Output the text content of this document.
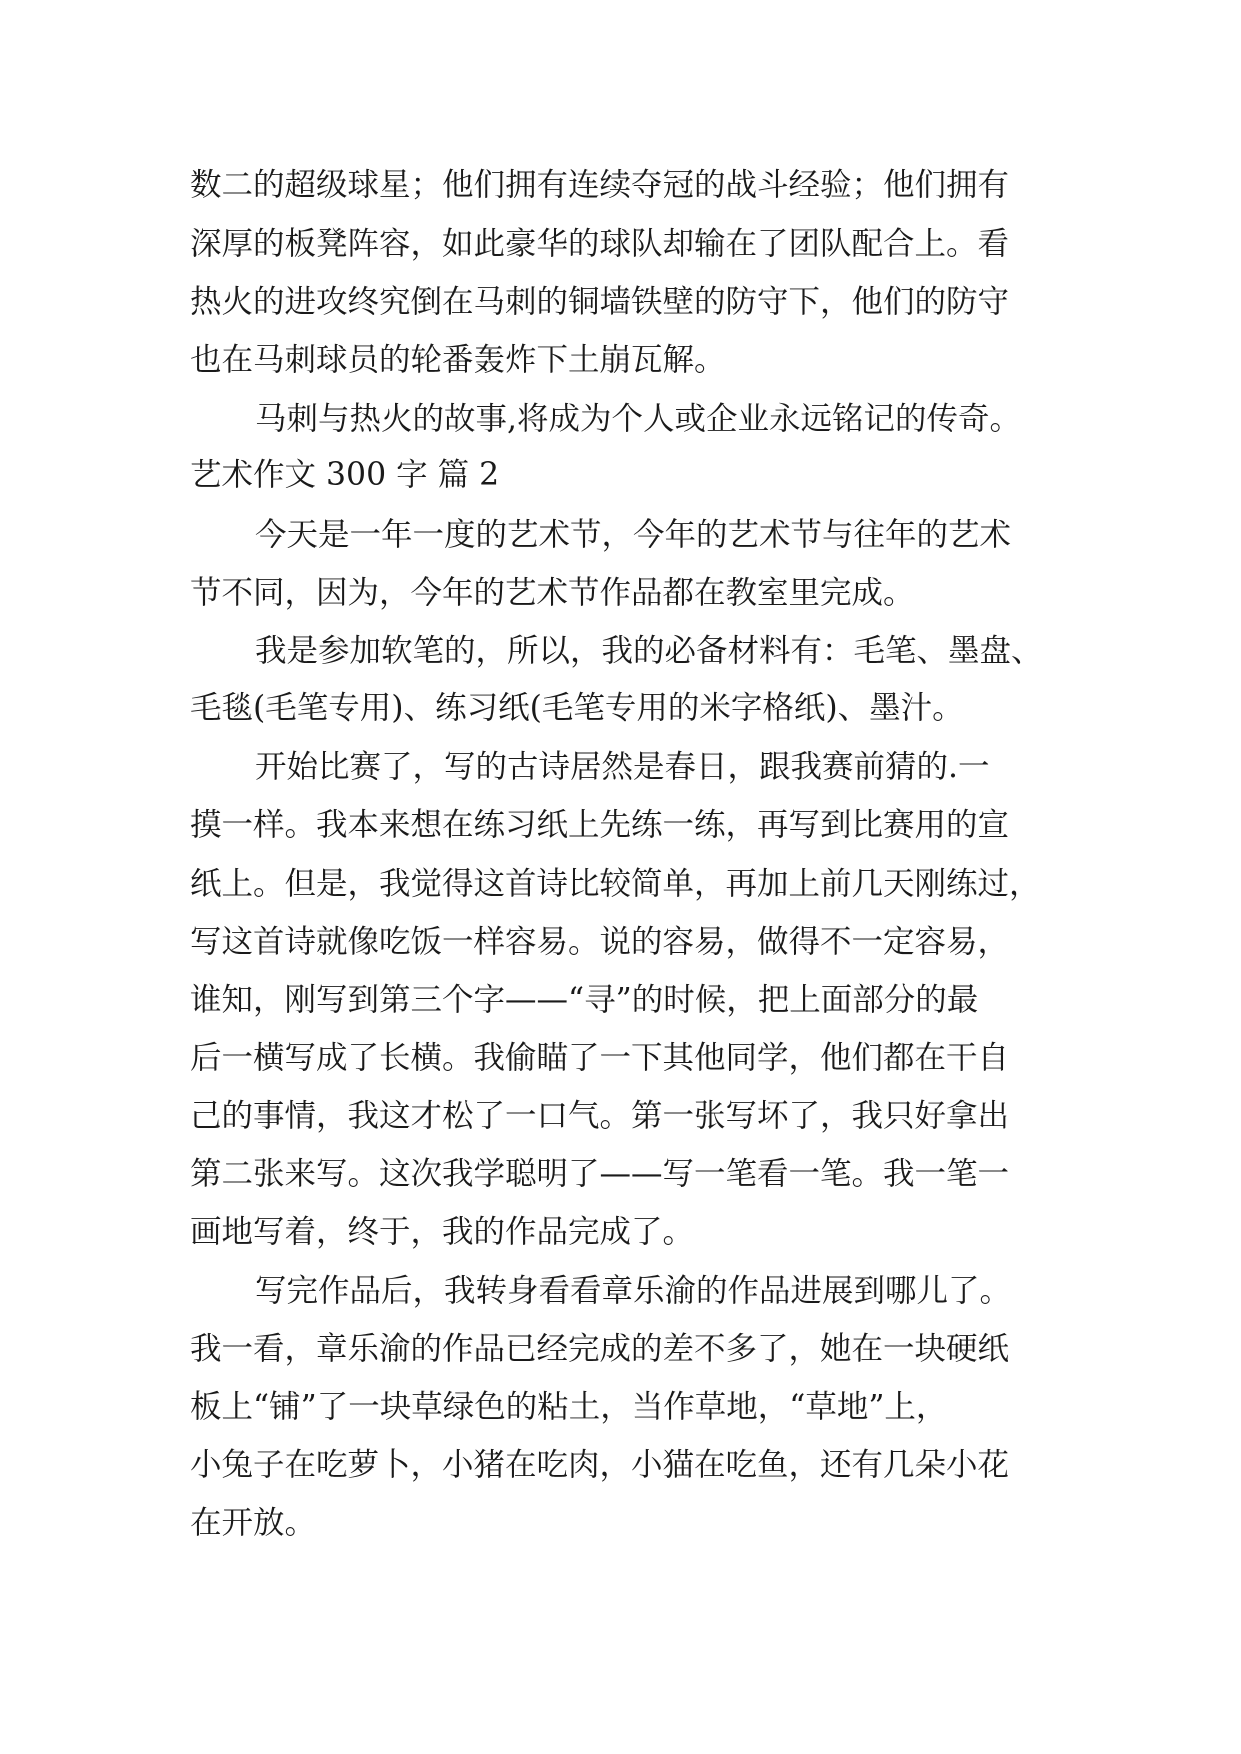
数二的超级球星；他们拥有连续夺冠的战斗经验；他们拥有

深厚的板凳阵容，如此豪华的球队却输在了团队配合上。看

热火的进攻终究倒在马刺的铜墙铁壁的防守下，他们的防守

也在马刺球员的轮番轰炸下土崩瓦解。

马刺与热火的故事,将成为个人或企业永远铭记的传奇。

艺术作文 300 字 篇 2

今天是一年一度的艺术节，今年的艺术节与往年的艺术

节不同，因为，今年的艺术节作品都在教室里完成。

我是参加软笔的，所以，我的必备材料有：毛笔、墨盘、

毛毯(毛笔专用)、练习纸(毛笔专用的米字格纸)、墨汁。

开始比赛了，写的古诗居然是春日，跟我赛前猜的.一

摸一样。我本来想在练习纸上先练一练，再写到比赛用的宣

纸上。但是，我觉得这首诗比较简单，再加上前几天刚练过，

写这首诗就像吃饭一样容易。说的容易，做得不一定容易，

谁知，刚写到第三个字——“寻”的时候，把上面部分的最

后一横写成了长横。我偷瞄了一下其他同学，他们都在干自

己的事情，我这才松了一口气。第一张写坏了，我只好拿出

第二张来写。这次我学聪明了——写一笔看一笔。我一笔一

画地写着，终于，我的作品完成了。

写完作品后，我转身看看章乐渝的作品进展到哪儿了。

我一看，章乐渝的作品已经完成的差不多了，她在一块硬纸

板上“铺”了一块草绿色的粘土，当作草地，“草地”上，

小兔子在吃萝卜，小猪在吃肉，小猫在吃鱼，还有几朵小花

在开放。
